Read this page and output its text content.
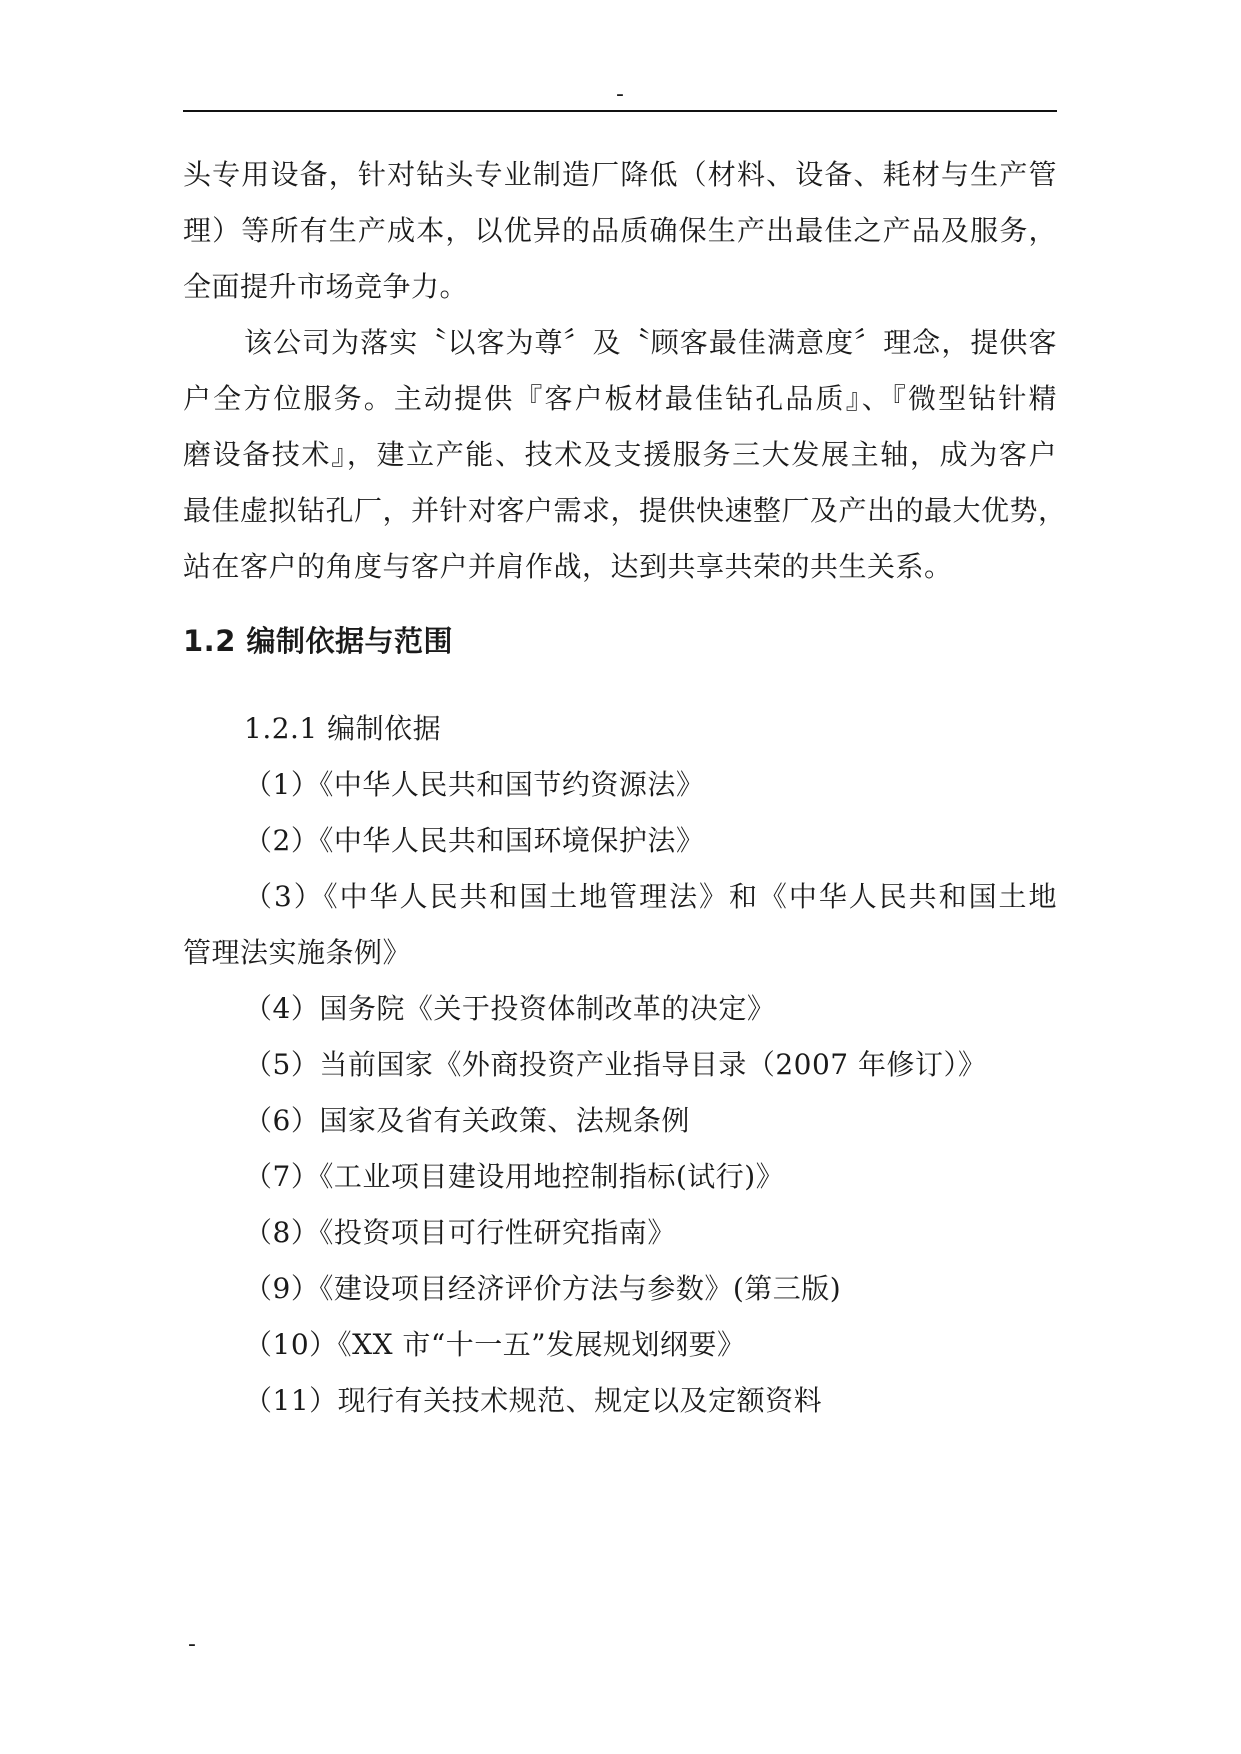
-
头专用设备，针对钻头专业制造厂降低（材料、设备、耗材与生产管
理）等所有生产成本，以优异的品质确保生产出最佳之产品及服务，
全面提升市场竞争力。
该公司为落实〝以客为尊〞及〝顾客最佳满意度〞理念，提供客
户全方位服务。主动提供『客户板材最佳钻孔品质』、『微型钻针精
磨设备技术』，建立产能、技术及支援服务三大发展主轴，成为客户
最佳虚拟钻孔厂，并针对客户需求，提供快速整厂及产出的最大优势，
站在客户的角度与客户并肩作战，达到共享共荣的共生关系。
1.2 编制依据与范围
1.2.1 编制依据
（1）《中华人民共和国节约资源法》
（2）《中华人民共和国环境保护法》
（3）《中华人民共和国土地管理法》和《中华人民共和国土地
管理法实施条例》
（4）国务院《关于投资体制改革的决定》
（5）当前国家《外商投资产业指导目录（2007 年修订）》
（6）国家及省有关政策、法规条例
（7）《工业项目建设用地控制指标(试行)》
（8）《投资项目可行性研究指南》
（9）《建设项目经济评价方法与参数》(第三版)
（10）《XX 市“十一五”发展规划纲要》
（11）现行有关技术规范、规定以及定额资料
-
